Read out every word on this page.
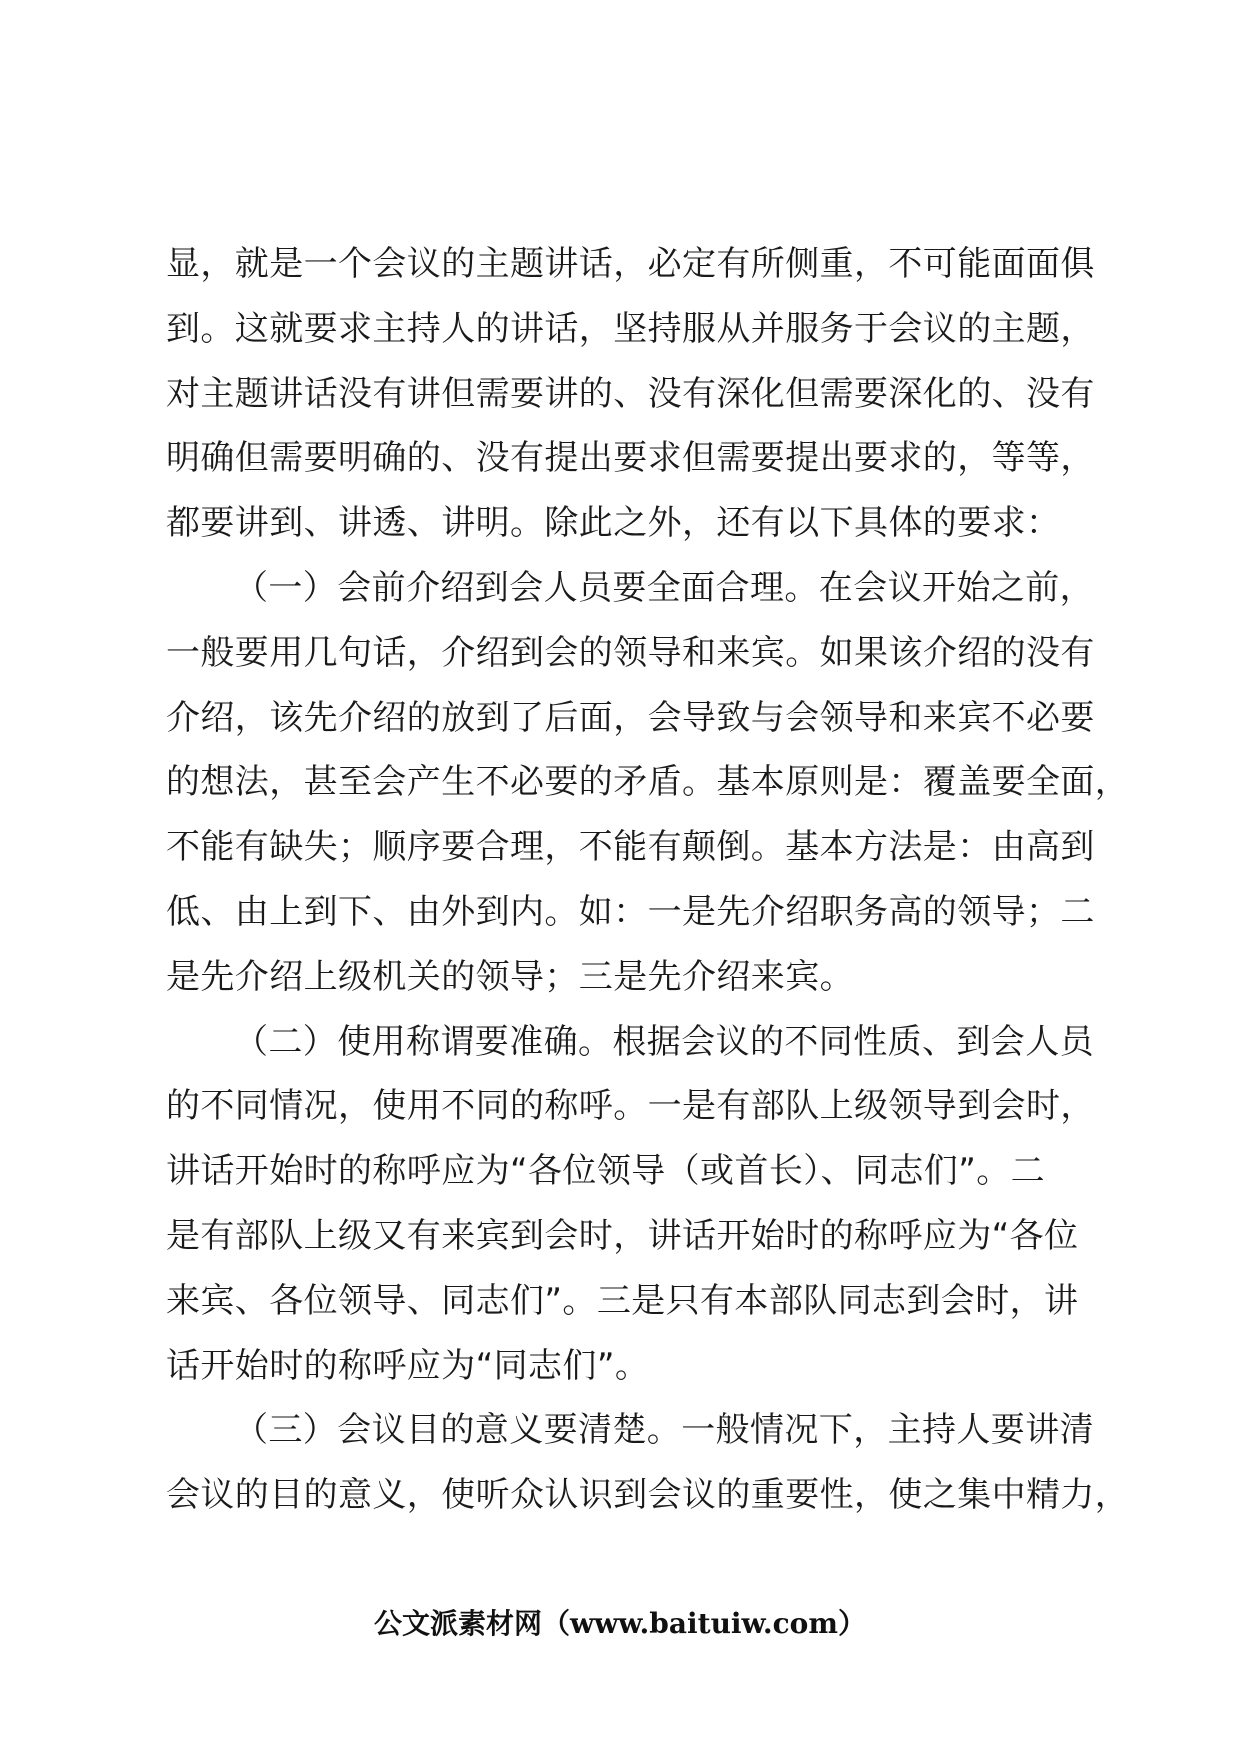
显，就是一个会议的主题讲话，必定有所侧重，不可能面面俱
到。这就要求主持人的讲话，坚持服从并服务于会议的主题，
对主题讲话没有讲但需要讲的、没有深化但需要深化的、没有
明确但需要明确的、没有提出要求但需要提出要求的，等等，
都要讲到、讲透、讲明。除此之外，还有以下具体的要求：
（一）会前介绍到会人员要全面合理。在会议开始之前，
一般要用几句话，介绍到会的领导和来宾。如果该介绍的没有
介绍，该先介绍的放到了后面，会导致与会领导和来宾不必要
的想法，甚至会产生不必要的矛盾。基本原则是：覆盖要全面，
不能有缺失；顺序要合理，不能有颠倒。基本方法是：由高到
低、由上到下、由外到内。如：一是先介绍职务高的领导；二
是先介绍上级机关的领导；三是先介绍来宾。
（二）使用称谓要准确。根据会议的不同性质、到会人员
的不同情况，使用不同的称呼。一是有部队上级领导到会时，
讲话开始时的称呼应为“各位领导（或首长）、同志们”。二
是有部队上级又有来宾到会时，讲话开始时的称呼应为“各位
来宾、各位领导、同志们”。三是只有本部队同志到会时，讲
话开始时的称呼应为“同志们”。
（三）会议目的意义要清楚。一般情况下，主持人要讲清
会议的目的意义，使听众认识到会议的重要性，使之集中精力，
公文派素材网（www.baituiw.com）
